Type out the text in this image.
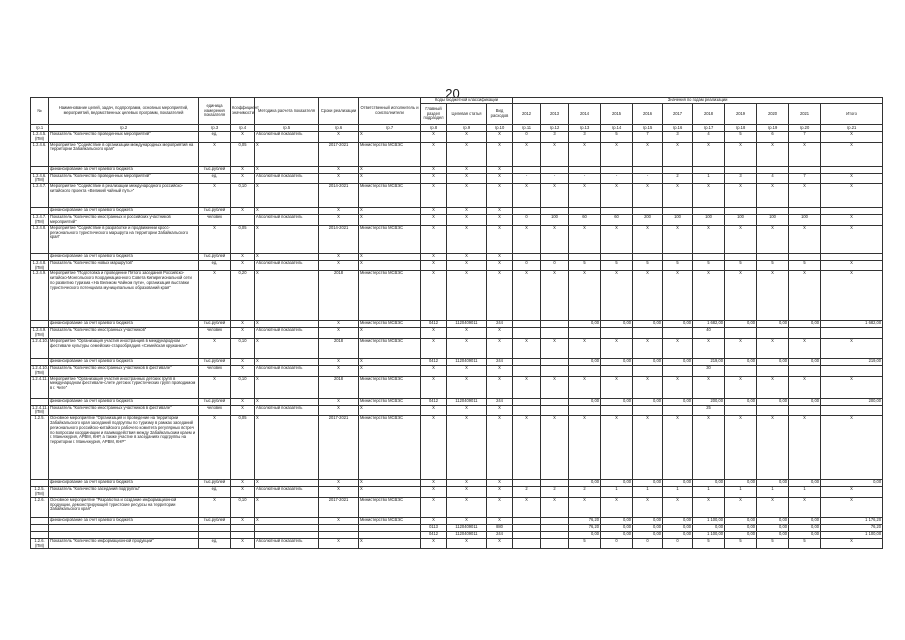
20
№	Наименование целей, задач, подпрограмм, основных мероприятий, мероприятий, ведомственных целевых программ, показателей	единица измерения показателя	Коэффициент значимости	Методика расчета показателя	Сроки реализации	Ответственный исполнитель и соисполнители	Коды бюджетной классификации			Значения по годам реализации										
							Главный раздел подраздел	Целевая статья	Вид расходов	2012	2013	2014	2015	2016	2017	2018	2019	2020	2021	Итого
гр.1	гр.2	гр.3	гр.4	гр.5	гр.6	гр.7	гр.8	гр.9	гр.10	гр.11	гр.12	гр.13	гр.14	гр.15	гр.16	гр.17	гр.18	гр.19	гр.20	гр.21
1.2.4.5. (ПМ)	Показатель "Количество проведенных мероприятий"	ед.	X	Абсолютный показатель	X	X	X	X	X	0	3	3	5	7	3	4	5	6	7	X
1.2.4.6.	Мероприятие "Содействие в организации международных мероприятий на территории Забайкальского края"	X	0,05	X	2017-2021	Министерство МСВЭС	X	X	X	X	X	X	X	X	X	X	X	X	X	X
	финансирование за счет краевого бюджета	тыс.рублей	X	X	X	X	X	X	X											
1.2.4.6. (ПМ)	Показатель "Количество проведенных мероприятий"	ед.	X	Абсолютный показатель	X	X	X	X	X	-	-	-	-	-	2	1	3	4	7	X
1.2.4.7.	Мероприятие "Содействие в реализации международного российско-китайского проекта «Великий чайный путь»"	X	0,10	X	2014-2021	Министерство МСВЭС	X	X	X	X	X	X	X	X	X	X	X	X	X	X
	финансирование за счет краевого бюджета	тыс.рублей	X	X	X	X	X	X	X											
1.2.4.7. (ПМ)	Показатель "Количество иностранных и российских участников мероприятий"	человек		Абсолютный показатель	X	X	X	X	X	0	100	60	60	200	100	100	100	100	100	X
1.2.4.8.	Мероприятие "Содействие в разработке и продвижении кросс-регионального туристического маршрута на территории Забайкальского края"	X	0,05	X	2014-2021	Министерство МСВЭС	X	X	X	X	X	X	X	X	X	X	X	X	X	X
	финансирование за счет краевого бюджета	тыс.рублей	X	X	X	X	X	X	X											
1.2.4.8. (ПМ)	Показатель "Количество новых маршрутов"	ед.	X	Абсолютный показатель	X	X	X	X	X	0	0	5	5	5	5	5	5	5	5	X
1.2.4.9.	Мероприятие "Подготовка и проведение Пятого заседания Российско-китайско-Монгольского Координационного Совета Кипирегиональной сети по развитию туризма «На Великом Чайном пути», организация выставки туристического потенциала муниципальных образований края"	X	0,20	X	2018	Министерство МСВЭС	X	X	X	X	X	X	X	X	X	X	X	X	X	X
	финансирование за счет краевого бюджета	тыс.рублей	X	X	X	Министерство МСВЭС	0412	1120409011	244			0,00	0,00	0,00	0,00	1 682,00	0,00	0,00	0,00	1 682,00
1.2.4.9. (ПМ)	Показатель "Количество иностранных участников"	человек	X	Абсолютный показатель	X	X	X	X	X							40				
1.2.4.10.	Мероприятие "Организация участия иностранцев в международном фестивале культуры семейских-старообрядцев «Семейская кружанка»"	X	0,10	X	2018	Министерство МСВЭС	X	X	X	X	X	X	X	X	X	X	X	X	X	X
	финансирование за счет краевого бюджета	тыс.рублей	X	X	X	X	0412	1120409011	244			0,00	0,00	0,00	0,00	219,00	0,00	0,00	0,00	219,00
1.2.4.10. (ПМ)	Показатель "Количество иностранных участников в фестивале"	человек	X	Абсолютный показатель	X	X	X	X	X							30				
1.2.4.11.	Мероприятие "Организация участия иностранных детских групп в международном фестивале-слете детских туристических групп проводимом в г. Чите"	X	0,10	X	2018	Министерство МСВЭС	X	X	X	X	X	X	X	X	X	X	X	X	X	X
	финансирование за счет краевого бюджета	тыс.рублей	X	X	X	Министерство МСВЭС	0412	1120409011	244			0,00	0,00	0,00	0,00	200,00	0,00	0,00	0,00	200,00
1.2.4.11. (ПМ)	Показатель "Количество иностранных участников в фестивале"	человек	X	Абсолютный показатель	X	X	X	X	X							25				
1.2.5.	Основное мероприятие "Организация и проведение на территории Забайкальского края заседаний подгруппы по туризму в рамках заседаний регионального российско-китайского рабочего комитета регулярных встреч по вопросам координации и взаимодействия между Забайкальским краем и г. Маньчжурия, АРВМ, КНР, а также участие в заседаниях подгруппы на территории г. Маньчжурия, АРВМ, КНР"	X	0,05	X	2017-2021	Министерство МСВЭС	X	X	X	X	X	X	X	X	X	X	X	X	X	X
	финансирование за счет краевого бюджета	тыс.рублей	X	X	X	X	X	X	X			0,00	0,00	0,00	0,00	0,00	0,00	0,00	0,00	0,00
1.2.5. (ПМ)	Показатель "Количество заседаний подгруппы"	ед.	X	Абсолютный показатель	X	X	X	X	X	2	2	2	1	1	1	1	1	1	1	X
1.2.6.	Основное мероприятие "Разработка и создание информационной продукции, демонстрирующей туристские ресурсы на территории Забайкальского края"	X	0,10	X	2017-2021	Министерство МСВЭС	X	X	X	X	X	X	X	X	X	X	X	X	X	X
	финансирование за счет краевого бюджета	тыс.рублей	X	X	X	Министерство МСВЭС	X	X	X			76,20	0,00	0,00	0,00	1 100,00	0,00	0,00	0,00	1 176,20
							0113	1120409011	880			76,20	0,00	0,00	0,00	0,00	0,00	0,00	0,00	76,20
							0412	1120409011	244			0,00	0,00	0,00	0,00	1 100,00	0,00	0,00	0,00	1 100,00
1.2.6. (ПМ)	Показатель "Количество информационной продукции"	ед.	X	Абсолютный показатель	X	X	X	X	X			5	0	0	0	5	5	5	5	X
